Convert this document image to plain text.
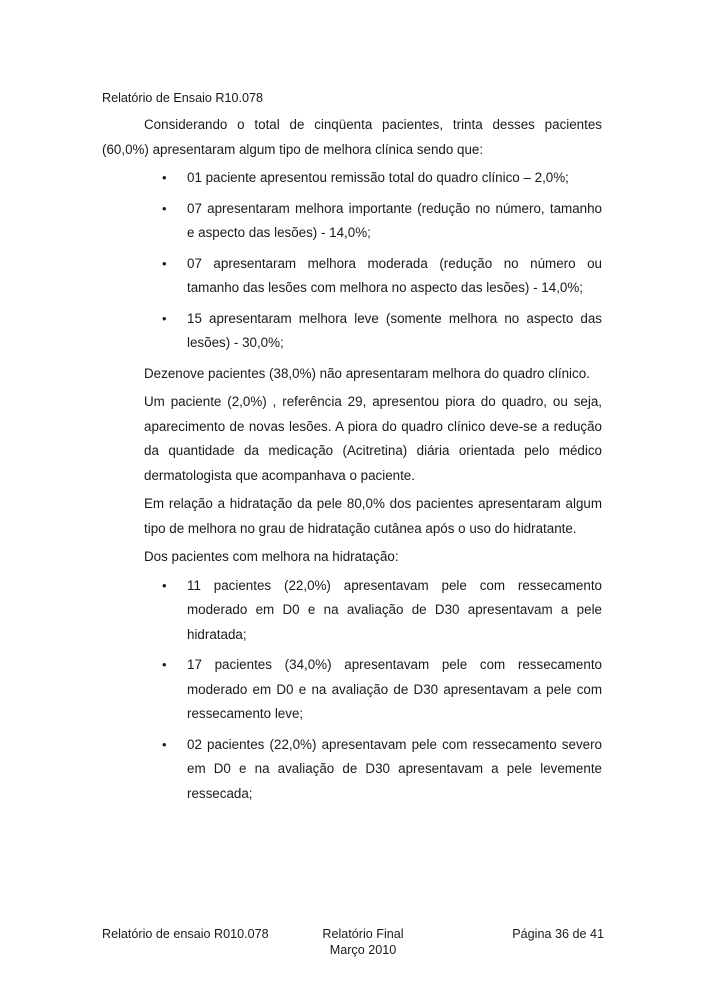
Relatório de Ensaio R10.078

Considerando o total de cinqüenta pacientes, trinta desses pacientes (60,0%) apresentaram algum tipo de melhora clínica sendo que:

• 01 paciente apresentou remissão total do quadro clínico – 2,0%;
• 07 apresentaram melhora importante (redução no número, tamanho e aspecto das lesões) - 14,0%;
• 07 apresentaram melhora moderada (redução no número ou tamanho das lesões com melhora no aspecto das lesões) - 14,0%;
• 15 apresentaram melhora leve (somente melhora no aspecto das lesões) - 30,0%;

Dezenove pacientes (38,0%) não apresentaram melhora do quadro clínico.

Um paciente (2,0%) , referência 29, apresentou piora do quadro, ou seja, aparecimento de novas lesões. A piora do quadro clínico deve-se a redução da quantidade da medicação (Acitretina) diária orientada pelo médico dermatologista que acompanhava o paciente.

Em relação a hidratação da pele 80,0% dos pacientes apresentaram algum tipo de melhora no grau de hidratação cutânea após o uso do hidratante.

Dos pacientes com melhora na hidratação:

• 11 pacientes (22,0%) apresentavam pele com ressecamento moderado em D0 e na avaliação de D30 apresentavam a pele hidratada;
• 17 pacientes (34,0%) apresentavam pele com ressecamento moderado em D0 e na avaliação de D30 apresentavam a pele com ressecamento leve;
• 02 pacientes (22,0%) apresentavam pele com ressecamento severo em D0 e na avaliação de D30 apresentavam a pele levemente ressecada;
Relatório de ensaio R010.078	Relatório Final
Março 2010
Página 36 de 41
